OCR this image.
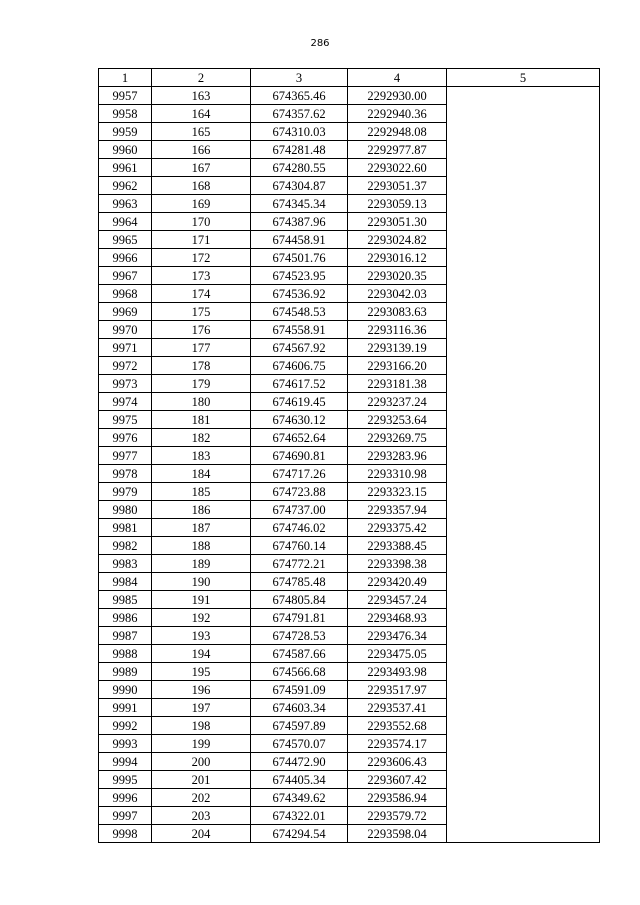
286
1	2	3	4	5
9957	163	674365.46	2292930.00	
9958	164	674357.62	2292940.36	
9959	165	674310.03	2292948.08	
9960	166	674281.48	2292977.87	
9961	167	674280.55	2293022.60	
9962	168	674304.87	2293051.37	
9963	169	674345.34	2293059.13	
9964	170	674387.96	2293051.30	
9965	171	674458.91	2293024.82	
9966	172	674501.76	2293016.12	
9967	173	674523.95	2293020.35	
9968	174	674536.92	2293042.03	
9969	175	674548.53	2293083.63	
9970	176	674558.91	2293116.36	
9971	177	674567.92	2293139.19	
9972	178	674606.75	2293166.20	
9973	179	674617.52	2293181.38	
9974	180	674619.45	2293237.24	
9975	181	674630.12	2293253.64	
9976	182	674652.64	2293269.75	
9977	183	674690.81	2293283.96	
9978	184	674717.26	2293310.98	
9979	185	674723.88	2293323.15	
9980	186	674737.00	2293357.94	
9981	187	674746.02	2293375.42	
9982	188	674760.14	2293388.45	
9983	189	674772.21	2293398.38	
9984	190	674785.48	2293420.49	
9985	191	674805.84	2293457.24	
9986	192	674791.81	2293468.93	
9987	193	674728.53	2293476.34	
9988	194	674587.66	2293475.05	
9989	195	674566.68	2293493.98	
9990	196	674591.09	2293517.97	
9991	197	674603.34	2293537.41	
9992	198	674597.89	2293552.68	
9993	199	674570.07	2293574.17	
9994	200	674472.90	2293606.43	
9995	201	674405.34	2293607.42	
9996	202	674349.62	2293586.94	
9997	203	674322.01	2293579.72	
9998	204	674294.54	2293598.04	
